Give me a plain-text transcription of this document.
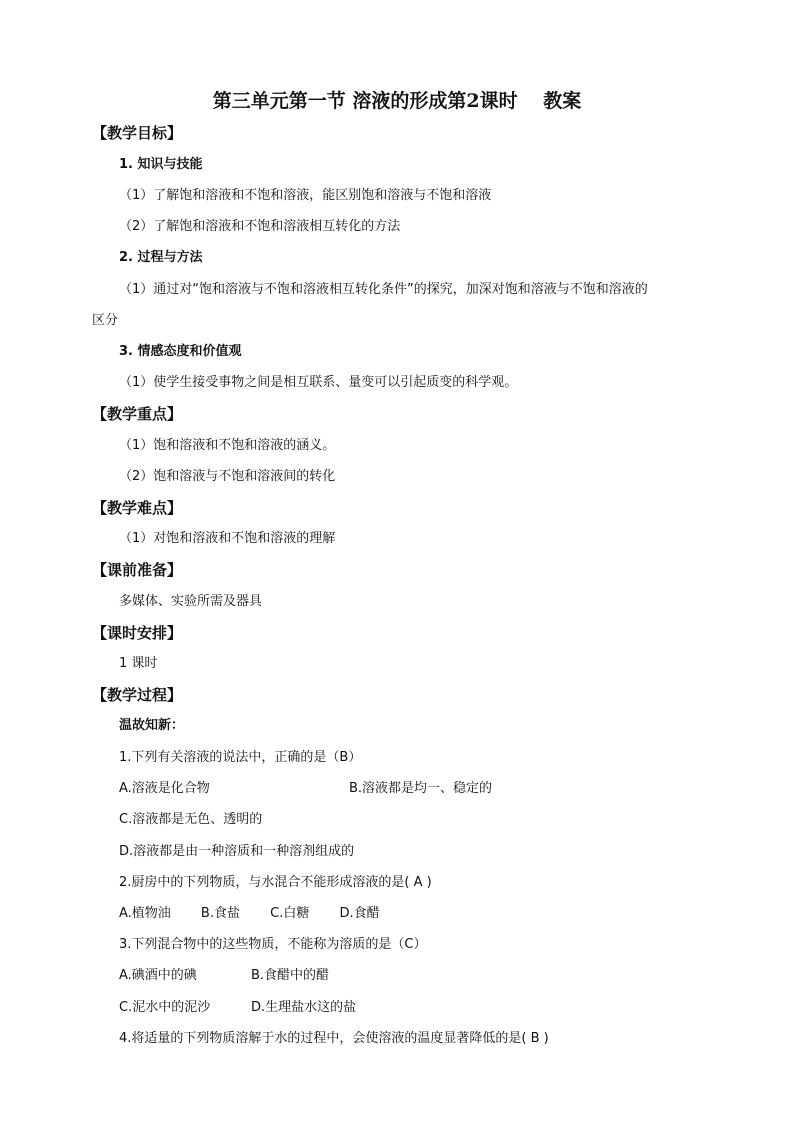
第三单元第一节 溶液的形成第2课时　 教案
【教学目标】
1. 知识与技能
（1）了解饱和溶液和不饱和溶液，能区别饱和溶液与不饱和溶液
（2）了解饱和溶液和不饱和溶液相互转化的方法
2. 过程与方法
（1）通过对“饱和溶液与不饱和溶液相互转化条件”的探究，加深对饱和溶液与不饱和溶液的
区分
3. 情感态度和价值观
（1）使学生接受事物之间是相互联系、量变可以引起质变的科学观。
【教学重点】
（1）饱和溶液和不饱和溶液的涵义。
（2）饱和溶液与不饱和溶液间的转化
【教学难点】
（1）对饱和溶液和不饱和溶液的理解
【课前准备】
多媒体、实验所需及器具
【课时安排】
1 课时
【教学过程】
温故知新：
1.下列有关溶液的说法中，正确的是（B）
A.溶液是化合物	B.溶液都是均一、稳定的
C.溶液都是无色、透明的
D.溶液都是由一种溶质和一种溶剂组成的
2.厨房中的下列物质，与水混合不能形成溶液的是( A )
A.植物油　　 B.食盐　　 C.白糖　　 D.食醋
3.下列混合物中的这些物质，不能称为溶质的是（C）
A.碘酒中的碘	B.食醋中的醋
C.泥水中的泥沙	D.生理盐水这的盐
4.将适量的下列物质溶解于水的过程中，会使溶液的温度显著降低的是( B )
